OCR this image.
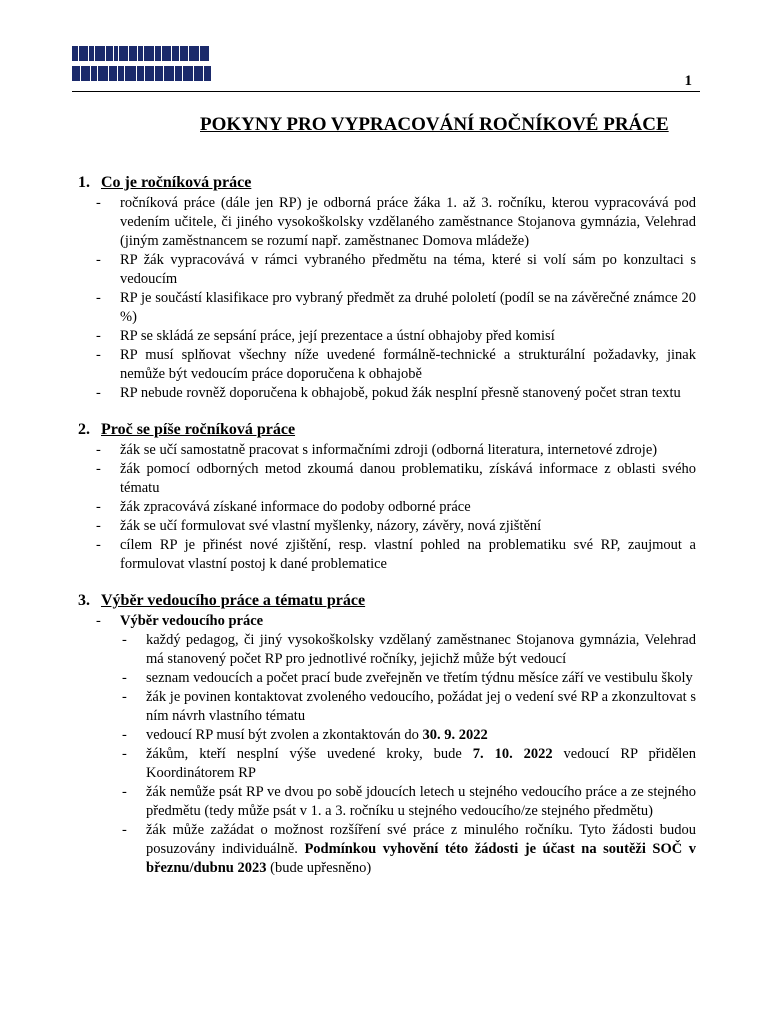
1
POKYNY PRO VYPRACOVÁNÍ ROČNÍKOVÉ PRÁCE
1. Co je ročníková práce
- ročníková práce (dále jen RP) je odborná práce žáka 1. až 3. ročníku, kterou vypracovává pod vedením učitele, či jiného vysokoškolsky vzdělaného zaměstnance Stojanova gymnázia, Velehrad (jiným zaměstnancem se rozumí např. zaměstnanec Domova mládeže)
- RP žák vypracovává v rámci vybraného předmětu na téma, které si volí sám po konzultaci s vedoucím
- RP je součástí klasifikace pro vybraný předmět za druhé pololetí (podíl se na závěrečné známce 20 %)
- RP se skládá ze sepsání práce, její prezentace a ústní obhajoby před komisí
- RP musí splňovat všechny níže uvedené formálně-technické a strukturální požadavky, jinak nemůže být vedoucím práce doporučena k obhajobě
- RP nebude rovněž doporučena k obhajobě, pokud žák nesplní přesně stanovený počet stran textu
2. Proč se píše ročníková práce
- žák se učí samostatně pracovat s informačními zdroji (odborná literatura, internetové zdroje)
- žák pomocí odborných metod zkoumá danou problematiku, získává informace z oblasti svého tématu
- žák zpracovává získané informace do podoby odborné práce
- žák se učí formulovat své vlastní myšlenky, názory, závěry, nová zjištění
- cílem RP je přinést nové zjištění, resp. vlastní pohled na problematiku své RP, zaujmout a formulovat vlastní postoj k dané problematice
3. Výběr vedoucího práce a tématu práce
- Výběr vedoucího práce
- každý pedagog, či jiný vysokoškolsky vzdělaný zaměstnanec Stojanova gymnázia, Velehrad má stanovený počet RP pro jednotlivé ročníky, jejichž může být vedoucí
- seznam vedoucích a počet prací bude zveřejněn ve třetím týdnu měsíce září ve vestibulu školy
- žák je povinen kontaktovat zvoleného vedoucího, požádat jej o vedení své RP a zkonzultovat s ním návrh vlastního tématu
- vedoucí RP musí být zvolen a zkontaktován do 30. 9. 2022
- žákům, kteří nesplní výše uvedené kroky, bude 7. 10. 2022 vedoucí RP přidělen Koordinátorem RP
- žák nemůže psát RP ve dvou po sobě jdoucích letech u stejného vedoucího práce a ze stejného předmětu (tedy může psát v 1. a 3. ročníku u stejného vedoucího/ze stejného předmětu)
- žák může zažádat o možnost rozšíření své práce z minulého ročníku. Tyto žádosti budou posuzovány individuálně. Podmínkou vyhovění této žádosti je účast na soutěži SOČ v březnu/dubnu 2023 (bude upřesněno)
